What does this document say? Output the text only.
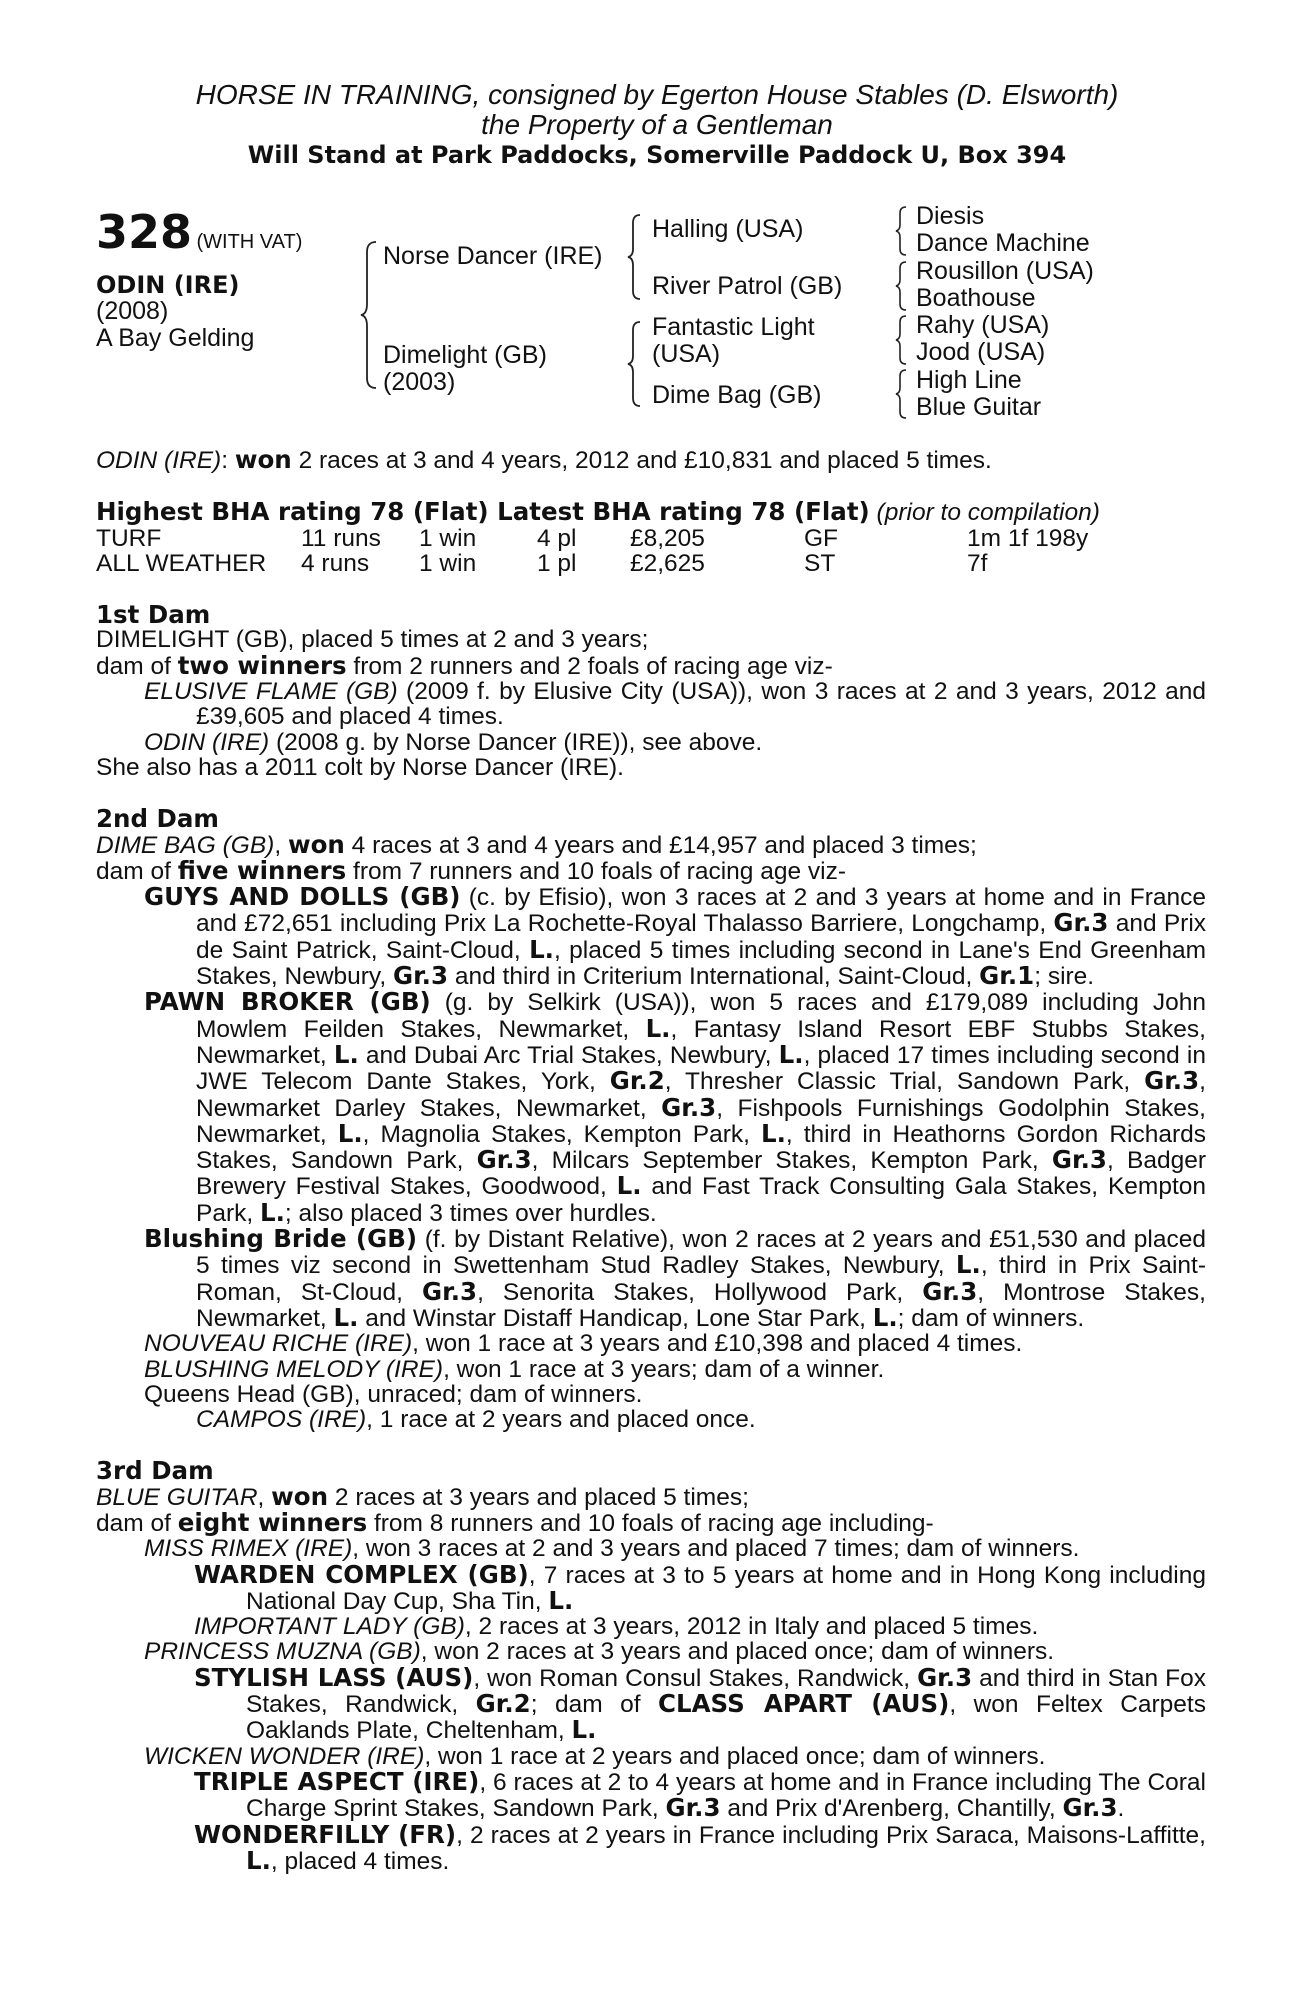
HORSE IN TRAINING, consigned by Egerton House Stables (D. Elsworth)
the Property of a Gentleman
Will Stand at Park Paddocks, Somerville Paddock U, Box 394
328 (WITH VAT)
ODIN (IRE)
(2008)
A Bay Gelding
Norse Dancer (IRE)
Dimelight (GB)
(2003)
Halling (USA)
River Patrol (GB)
Fantastic Light
(USA)
Dime Bag (GB)
Diesis
Dance Machine
Rousillon (USA)
Boathouse
Rahy (USA)
Jood (USA)
High Line
Blue Guitar

ODIN (IRE): won 2 races at 3 and 4 years, 2012 and £10,831 and placed 5 times.

Highest BHA rating 78 (Flat) Latest BHA rating 78 (Flat) (prior to compilation)

TURF	11 runs	1 win	4 pl	£8,205	GF	1m 1f 198y
ALL WEATHER	4 runs	1 win	1 pl	£2,625	ST	7f

1st Dam

DIMELIGHT (GB), placed 5 times at 2 and 3 years;

dam of two winners from 2 runners and 2 foals of racing age viz-

ELUSIVE FLAME (GB) (2009 f. by Elusive City (USA)), won 3 races at 2 and 3 years, 2012 and £39,605 and placed 4 times.

ODIN (IRE) (2008 g. by Norse Dancer (IRE)), see above.

She also has a 2011 colt by Norse Dancer (IRE).

2nd Dam

DIME BAG (GB), won 4 races at 3 and 4 years and £14,957 and placed 3 times;

dam of five winners from 7 runners and 10 foals of racing age viz-

GUYS AND DOLLS (GB) (c. by Efisio), won 3 races at 2 and 3 years at home and in France and £72,651 including Prix La Rochette-Royal Thalasso Barriere, Longchamp, Gr.3 and Prix de Saint Patrick, Saint-Cloud, L., placed 5 times including second in Lane's End Greenham Stakes, Newbury, Gr.3 and third in Criterium International, Saint-Cloud, Gr.1; sire.

PAWN BROKER (GB) (g. by Selkirk (USA)), won 5 races and £179,089 including John Mowlem Feilden Stakes, Newmarket, L., Fantasy Island Resort EBF Stubbs Stakes, Newmarket, L. and Dubai Arc Trial Stakes, Newbury, L., placed 17 times including second in JWE Telecom Dante Stakes, York, Gr.2, Thresher Classic Trial, Sandown Park, Gr.3, Newmarket Darley Stakes, Newmarket, Gr.3, Fishpools Furnishings Godolphin Stakes, Newmarket, L., Magnolia Stakes, Kempton Park, L., third in Heathorns Gordon Richards Stakes, Sandown Park, Gr.3, Milcars September Stakes, Kempton Park, Gr.3, Badger Brewery Festival Stakes, Goodwood, L. and Fast Track Consulting Gala Stakes, Kempton Park, L.; also placed 3 times over hurdles.

Blushing Bride (GB) (f. by Distant Relative), won 2 races at 2 years and £51,530 and placed 5 times viz second in Swettenham Stud Radley Stakes, Newbury, L., third in Prix Saint-Roman, St-Cloud, Gr.3, Senorita Stakes, Hollywood Park, Gr.3, Montrose Stakes, Newmarket, L. and Winstar Distaff Handicap, Lone Star Park, L.; dam of winners.

NOUVEAU RICHE (IRE), won 1 race at 3 years and £10,398 and placed 4 times.

BLUSHING MELODY (IRE), won 1 race at 3 years; dam of a winner.

Queens Head (GB), unraced; dam of winners.

CAMPOS (IRE), 1 race at 2 years and placed once.

3rd Dam

BLUE GUITAR, won 2 races at 3 years and placed 5 times;

dam of eight winners from 8 runners and 10 foals of racing age including-

MISS RIMEX (IRE), won 3 races at 2 and 3 years and placed 7 times; dam of winners.

WARDEN COMPLEX (GB), 7 races at 3 to 5 years at home and in Hong Kong including National Day Cup, Sha Tin, L.

IMPORTANT LADY (GB), 2 races at 3 years, 2012 in Italy and placed 5 times.

PRINCESS MUZNA (GB), won 2 races at 3 years and placed once; dam of winners.

STYLISH LASS (AUS), won Roman Consul Stakes, Randwick, Gr.3 and third in Stan Fox Stakes, Randwick, Gr.2; dam of CLASS APART (AUS), won Feltex Carpets Oaklands Plate, Cheltenham, L.

WICKEN WONDER (IRE), won 1 race at 2 years and placed once; dam of winners.

TRIPLE ASPECT (IRE), 6 races at 2 to 4 years at home and in France including The Coral Charge Sprint Stakes, Sandown Park, Gr.3 and Prix d'Arenberg, Chantilly, Gr.3.

WONDERFILLY (FR), 2 races at 2 years in France including Prix Saraca, Maisons-Laffitte, L., placed 4 times.
